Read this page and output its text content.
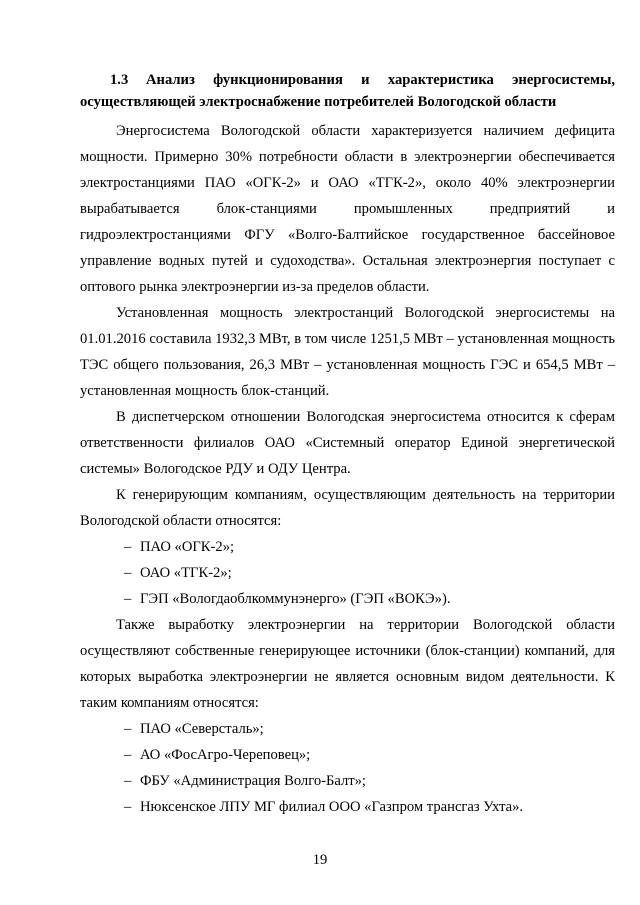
1.3 Анализ функционирования и характеристика энергосистемы,
осуществляющей электроснабжение потребителей Вологодской области

Энергосистема Вологодской области характеризуется наличием дефицита мощности. Примерно 30% потребности области в электроэнергии обеспечивается электростанциями ПАО «ОГК-2» и ОАО «ТГК-2», около 40% электроэнергии вырабатывается блок-станциями промышленных предприятий и гидроэлектростанциями ФГУ «Волго-Балтийское государственное бассейновое управление водных путей и судоходства». Остальная электроэнергия поступает с оптового рынка электроэнергии из-за пределов области.

Установленная мощность электростанций Вологодской энергосистемы на 01.01.2016 составила 1932,3 МВт, в том числе 1251,5 МВт – установленная мощность ТЭС общего пользования, 26,3 МВт – установленная мощность ГЭС и 654,5 МВт – установленная мощность блок-станций.

В диспетчерском отношении Вологодская энергосистема относится к сферам ответственности филиалов ОАО «Системный оператор Единой энергетической системы» Вологодское РДУ и ОДУ Центра.

К генерирующим компаниям, осуществляющим деятельность на территории Вологодской области относятся:

– ПАО «ОГК-2»;
– ОАО «ТГК-2»;
– ГЭП «Вологдаоблкоммунэнерго» (ГЭП «ВОКЭ»).

Также выработку электроэнергии на территории Вологодской области осуществляют собственные генерирующее источники (блок-станции) компаний, для которых выработка электроэнергии не является основным видом деятельности. К таким компаниям относятся:

– ПАО «Северсталь»;
– АО «ФосАгро-Череповец»;
– ФБУ «Администрация Волго-Балт»;
– Нюксенское ЛПУ МГ филиал ООО «Газпром трансгаз Ухта».
19
